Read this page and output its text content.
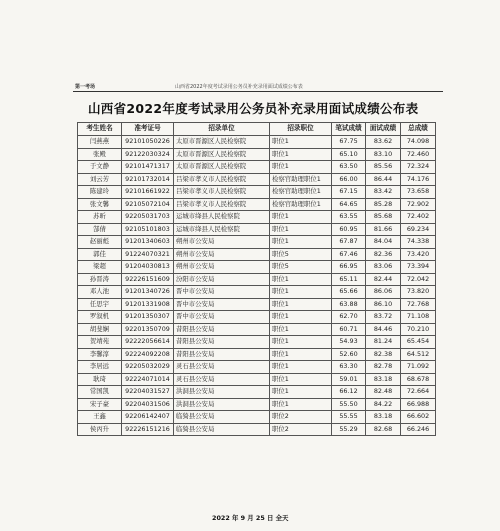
第一考场	山西省2022年度考试录用公务员补充录用面试成绩公布表
山西省2022年度考试录用公务员补充录用面试成绩公布表
考生姓名	准考证号	招录单位	招录职位	笔试成绩	面试成绩	总成绩
闫燕燕	92101050226	太原市晋源区人民检察院	职位1	67.75	83.62	74.098
张殿	92122030324	太原市晋源区人民检察院	职位1	65.10	83.10	72.460
于文静	92101471317	太原市晋源区人民检察院	职位1	63.50	85.56	72.324
刘云芳	92101732014	吕梁市孝义市人民检察院	检察官助理职位1	66.00	86.44	74.176
陈建玲	92101661922	吕梁市孝义市人民检察院	检察官助理职位1	67.15	83.42	73.658
张文馨	92105072104	吕梁市孝义市人民检察院	检察官助理职位1	64.65	85.28	72.902
苏昕	92205031703	运城市绛县人民检察院	职位1	63.55	85.68	72.402
郜倩	92105101803	运城市绛县人民检察院	职位1	60.95	81.66	69.234
赵丽彪	91201340603	朔州市公安局	职位1	67.87	84.04	74.338
郭佳	91224070321	朔州市公安局	职位5	67.46	82.36	73.420
梁超	91204030813	朔州市公安局	职位5	66.95	83.06	73.394
孙晋涛	92226151609	汾阳市公安局	职位1	65.11	82.44	72.042
邓人池	91201340726	晋中市公安局	职位1	65.66	86.06	73.820
任思宇	91201331908	晋中市公安局	职位1	63.88	86.10	72.768
罗叙机	91201350307	晋中市公安局	职位1	62.70	83.72	71.108
胡斐娴	92201350709	昔阳县公安局	职位1	60.71	84.46	70.210
贺靖苑	92222056614	昔阳县公安局	职位1	54.93	81.24	65.454
李馨淳	92224092208	昔阳县公安局	职位1	52.60	82.38	64.512
李居远	92205032029	灵石县公安局	职位1	63.30	82.78	71.092
耿琦	92224071014	灵石县公安局	职位1	59.01	83.18	68.678
常国凯	92204031527	洪洞县公安局	职位1	66.12	82.48	72.664
宋子豪	92204031506	洪洞县公安局	职位1	55.50	84.22	66.988
王鑫	92206142407	临猗县公安局	职位2	55.55	83.18	66.602
侯丙升	92226151216	临猗县公安局	职位2	55.29	82.68	66.246
2022 年 9 月 25 日 全天
